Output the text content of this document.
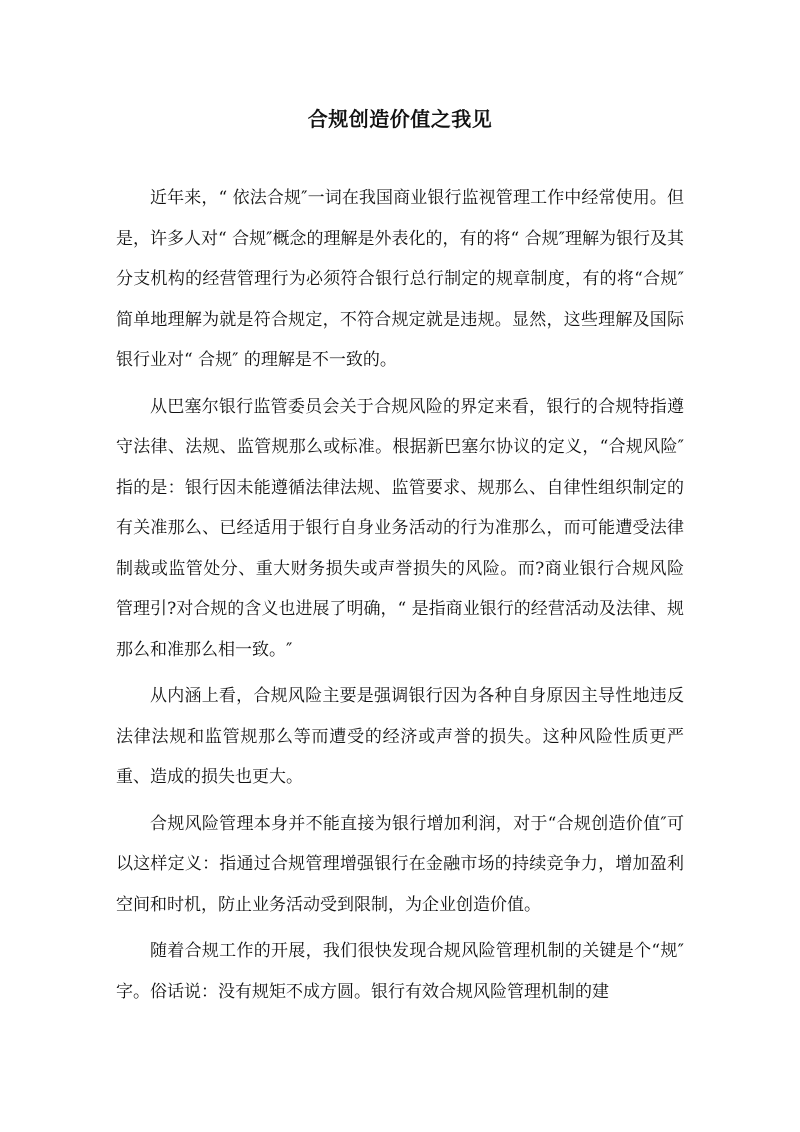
合规创造价值之我见

近年来，“ 依法合规″一词在我国商业银行监视管理工作中经常使用。但是，许多人对“ 合规″概念的理解是外表化的，有的将“ 合规″理解为银行及其分支机构的经营管理行为必须符合银行总行制定的规章制度，有的将“合规″简单地理解为就是符合规定，不符合规定就是违规。显然，这些理解及国际银行业对“ 合规″ 的理解是不一致的。

从巴塞尔银行监管委员会关于合规风险的界定来看，银行的合规特指遵守法律、法规、监管规那么或标准。根据新巴塞尔协议的定义，“合规风险″指的是：银行因未能遵循法律法规、监管要求、规那么、自律性组织制定的有关准那么、已经适用于银行自身业务活动的行为准那么，而可能遭受法律制裁或监管处分、重大财务损失或声誉损失的风险。而?商业银行合规风险管理引?对合规的含义也进展了明确，“ 是指商业银行的经营活动及法律、规那么和准那么相一致。″

从内涵上看，合规风险主要是强调银行因为各种自身原因主导性地违反法律法规和监管规那么等而遭受的经济或声誉的损失。这种风险性质更严重、造成的损失也更大。

合规风险管理本身并不能直接为银行增加利润，对于“合规创造价值″可以这样定义：指通过合规管理增强银行在金融市场的持续竞争力，增加盈利空间和时机，防止业务活动受到限制，为企业创造价值。

随着合规工作的开展，我们很快发现合规风险管理机制的关键是个“规″字。俗话说：没有规矩不成方圆。银行有效合规风险管理机制的建
